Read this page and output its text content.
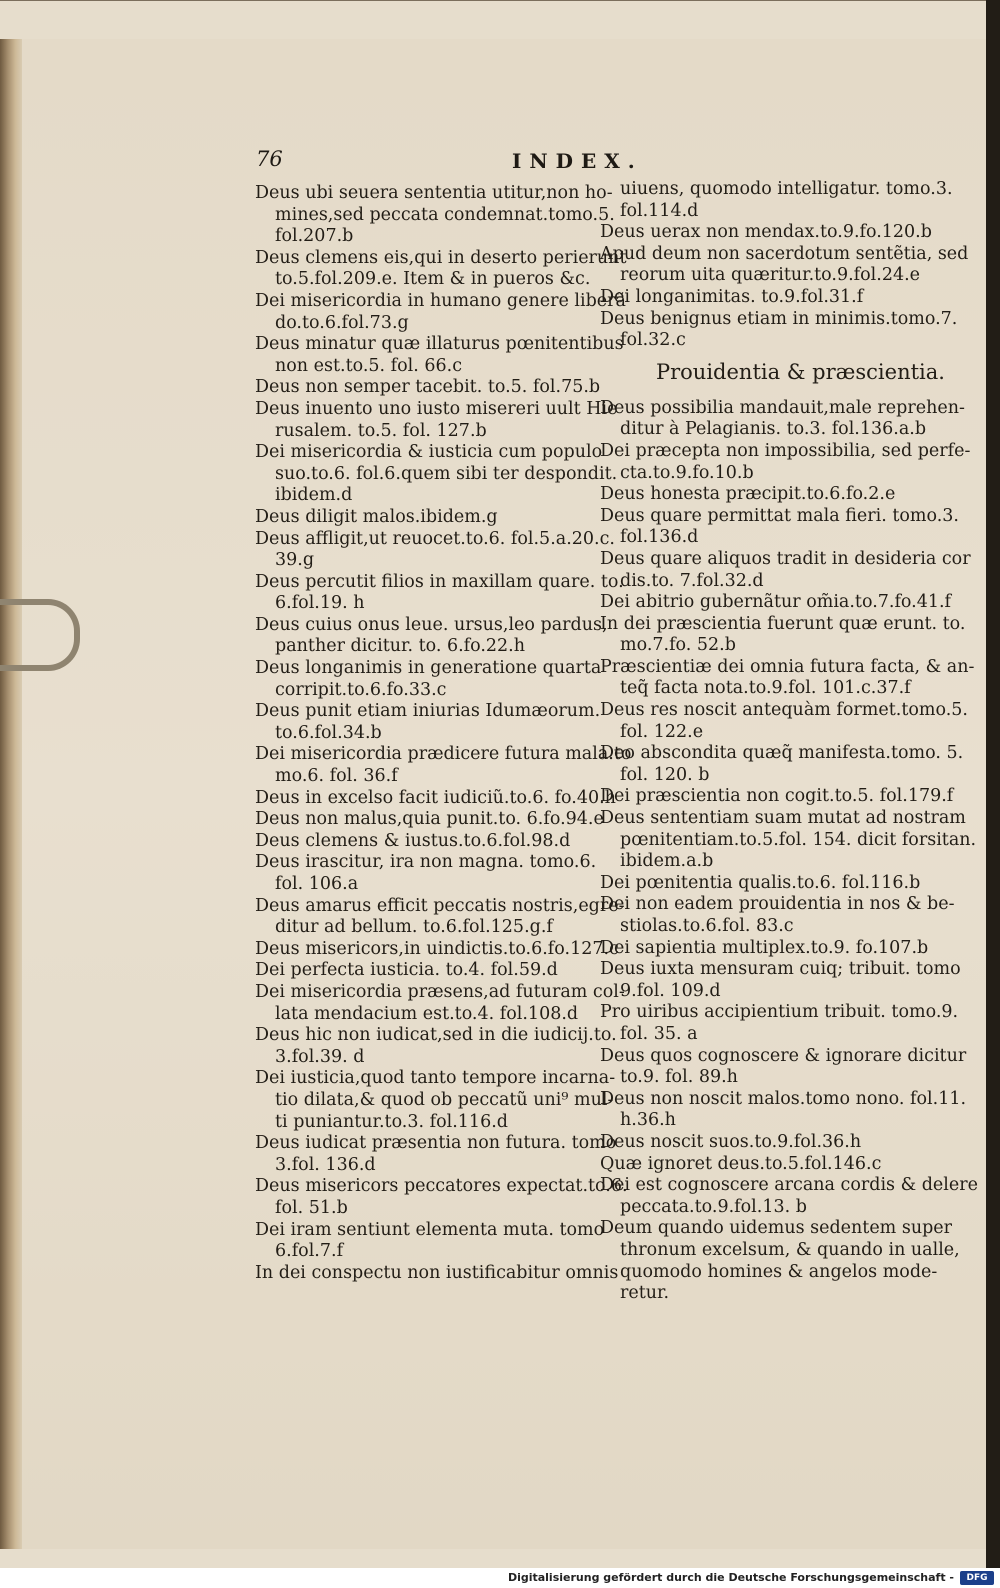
76	INDEX.
Deus ubi seuera sententia utitur,non ho-
mines,sed peccata condemnat.tomo.5.
fol.207.b
Deus clemens eis,qui in deserto perierunt
to.5.fol.209.e. Item & in pueros &c.
Dei misericordia in humano genere liberã
do.to.6.fol.73.g
Deus minatur quæ illaturus pœnitentibus
non est.to.5. fol. 66.c
Deus non semper tacebit. to.5. fol.75.b
Deus inuento uno iusto misereri uult Hie
rusalem. to.5. fol. 127.b
Dei misericordia & iusticia cum populo
suo.to.6. fol.6.quem sibi ter despondit.
ibidem.d
Deus diligit malos.ibidem.g
Deus affligit,ut reuocet.to.6. fol.5.a.20.c.
39.g
Deus percutit filios in maxillam quare. to.
6.fol.19. h
Deus cuius onus leue. ursus,leo pardus,
panther dicitur. to. 6.fo.22.h
Deus longanimis in generatione quarta
corripit.to.6.fo.33.c
Deus punit etiam iniurias Idumæorum.
to.6.fol.34.b
Dei misericordia prædicere futura mala.to
mo.6. fol. 36.f
Deus in excelso facit iudiciũ.to.6. fo.40.h
Deus non malus,quia punit.to. 6.fo.94.e
Deus clemens & iustus.to.6.fol.98.d
Deus irascitur, ira non magna. tomo.6.
fol. 106.a
Deus amarus efficit peccatis nostris,egre-
ditur ad bellum. to.6.fol.125.g.f
Deus misericors,in uindictis.to.6.fo.127.c
Dei perfecta iusticia. to.4. fol.59.d
Dei misericordia præsens,ad futuram col-
lata mendacium est.to.4. fol.108.d
Deus hic non iudicat,sed in die iudicij.to.
3.fol.39. d
Dei iusticia,quod tanto tempore incarna-
tio dilata,& quod ob peccatũ uni⁹ mul-
ti puniantur.to.3. fol.116.d
Deus iudicat præsentia non futura. tomo
3.fol. 136.d
Deus misericors peccatores expectat.to.6.
fol. 51.b
Dei iram sentiunt elementa muta. tomo
6.fol.7.f
In dei conspectu non iustificabitur omnis
uiuens, quomodo intelligatur. tomo.3.
fol.114.d
Deus uerax non mendax.to.9.fo.120.b
Apud deum non sacerdotum sentẽtia, sed
reorum uita quæritur.to.9.fol.24.e
Dei longanimitas. to.9.fol.31.f
Deus benignus etiam in minimis.tomo.7.
fol.32.c
Prouidentia & præscientia.
Deus possibilia mandauit,male reprehen-
ditur à Pelagianis. to.3. fol.136.a.b
Dei præcepta non impossibilia, sed perfe-
cta.to.9.fo.10.b
Deus honesta præcipit.to.6.fo.2.e
Deus quare permittat mala fieri. tomo.3.
fol.136.d
Deus quare aliquos tradit in desideria cor
dis.to. 7.fol.32.d
Dei abitrio gubernãtur om̃ia.to.7.fo.41.f
In dei præscientia fuerunt quæ erunt. to.
mo.7.fo. 52.b
Præscientiæ dei omnia futura facta, & an-
teq̃ facta nota.to.9.fol. 101.c.37.f
Deus res noscit antequàm formet.tomo.5.
fol. 122.e
Deo abscondita quæq̃ manifesta.tomo. 5.
fol. 120. b
Dei præscientia non cogit.to.5. fol.179.f
Deus sententiam suam mutat ad nostram
pœnitentiam.to.5.fol. 154. dicit forsitan.
ibidem.a.b
Dei pœnitentia qualis.to.6. fol.116.b
Dei non eadem prouidentia in nos & be-
stiolas.to.6.fol. 83.c
Dei sapientia multiplex.to.9. fo.107.b
Deus iuxta mensuram cuiq; tribuit. tomo
9.fol. 109.d
Pro uiribus accipientium tribuit. tomo.9.
fol. 35. a
Deus quos cognoscere & ignorare dicitur
to.9. fol. 89.h
Deus non noscit malos.tomo nono. fol.11.
h.36.h
Deus noscit suos.to.9.fol.36.h
Quæ ignoret deus.to.5.fol.146.c
Dei est cognoscere arcana cordis & delere
peccata.to.9.fol.13. b
Deum quando uidemus sedentem super
thronum excelsum, & quando in ualle,
quomodo homines & angelos mode-
retur.
Digitalisierung gefördert durch die Deutsche Forschungsgemeinschaft -	DFG
